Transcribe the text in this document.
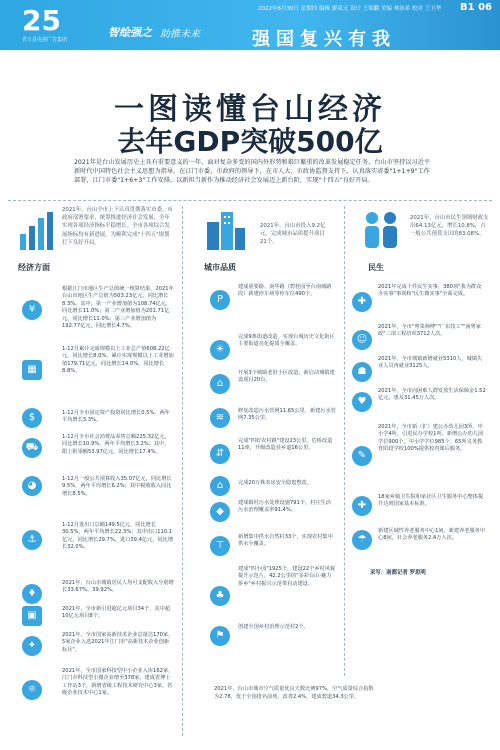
25
青万县电视广告集团
智绘强之 助推未来	强国复兴有我
2022年6月30日 星期四 编辑 廖双元 设计 王锦鹏 美编 林泳希 校对 王卫华 B1 06
一图读懂台山经济
去年GDP突破500亿
2021年是台山发展历史上具有重要意义的一年，面对复杂多变的国内外形势和艰巨繁重的改革发展稳定任务，台山市坚持以习近平新时代中国特色社会主义思想为指导，在江门市委、市政府的领导下，在市人大、市政协监督支持下，认真落实省委"1+1+9"工作部署，江门市委"1+6+3"工作安排，以新担当新作为推动经济社会发展迈上新台阶，实现"十四五"良好开局。
经济方面
2021年，台山全市上下认真贯彻落实市委、市政府部署要求，统筹推进经济社会发展，全年实现各项经济指标平稳增长。全市各项综合发展指标均有新进展，为顺利完成"十四五"规划打下良好开局。
¥
根据江门市地区生产总值统一核算结果，2021年台山市地区生产总值为503.23亿元，同比增长8.3%。其中，第一产业增加值为108.74亿元，同比增长11.0%；第二产业增加值为201.71亿元，同比增长11.0%；第三产业增加值为192.77亿元，同比增长4.7%。
▦
1-12月累计完成规模以上工业总产值608.22亿元，同比增长8.0%，累计实现规模以上工业增加值179.71亿元，同比增长14.0%，同比增长8.8%。
$	1-12月全市固定资产投资同比增长0.5%，两年平均增长3.3%。
⛟
1-12月全市社会消费品零售总额225.32亿元，同比增长10.9%，两年平均增长3.2%；其中，限上批零额53.97亿元，同比增长17.4%。
◕
1-12月一般公共预算收入35.07亿元，同比增长9.5%，两年平均增长6.2%；其中税收收入同比增长8.5%。
⚓
1-12月进出口总额149.5亿元，同比增长30.5%，两年平均增长22.3%；其中出口110.1亿元，同比增长29.7%，进口39.4亿元，同比增长32.0%。
♦
2021年，台山市城镇居民人均可支配收入分别增长33.67%、39.92%。
▣
2021年，全市新引进超亿元项目34个，其中超10亿元项目8个。
✦
2021年，全市国家高新技术企业总量达170家，5家企业入选2021年江门市"高新技术企业创新标兵"。
⚛
2021年，全市国家科技型中小企业入库162家，江门市科技型小微企业增至378家。建成省博士工作站3个，新增省级工程技术研究中心3家，省级企业技术中心1家。
城市品质
2021年，台山市投入9.2亿元，完成城市品质提升项目21个。
P
建成重要路、南华路（碧桂园至台南城路段）新建停车场等停车位490个。
☀
完成9条街道改造，实现台城历史文化街区主要街道亮化提质全覆盖。
⌂
开展3个城镇老旧小区改造，新启动墟镇建设项目20台。
≋
修复改造污水管网11.65公里，新建污水管网7.35公里。
⇵
完成"四好农村路"建设23公里，危桥改造11座，开级改造县乡道16公里。
⌂	完成20万株农房安全隐患整改。
◆
建成镇村污水处理设施791个，村庄生活污水治理覆盖率91.4%。
⊤
新增集中供水自然村33个，实现农村集中供水全覆盖。
♣
建成"四小园"1925个，建设22个乡村风貌提升示范片，42.2公里的"多彩台山·魅力侨乡"乡村振兴示范带启动建设，
⚑
创建全国乡村治理示范村2个。
2021年，台山市城市空气质量优良天数比例97%，空气质量综合指数为2.78，优于全国排名前列，改善2.4%，建成碧道34.3公里。
民生
2021年，台山市民生领域财政支出64.13亿元，增长10.8%，占一般公共预算支出的83.08%。
✚
2021年完成十件民生实事，380项"我为群众办实事"事项和"民生微实事"全面完成。
☺
2021年，全市"粤菜师傅""广东技工""南粤家政"三项工程培训3712人次。
☗
2021年，全市城镇新增就业5310人，城镇失业人员再就业3125人。
♥
2021年，全市向困难人群发放生活保障金1.52亿元，惠及31.45万人次。
✎
2021年，全市新（扩）建公办幼儿园3所，中小学4所，引进民办学校1所，新增公办幼儿园学位900个，中小学学位985个。65所义务教育阶段学校100%提供校内课后服务。
✚
18家乡镇卫生院和家社区卫生服务中心整体提升达到国家基本标准。
☂
新建区域性养老服务中心1间，新建养老服务中心8间，社会养老服务2.4万人次。
采写：南都记者 罗思明
